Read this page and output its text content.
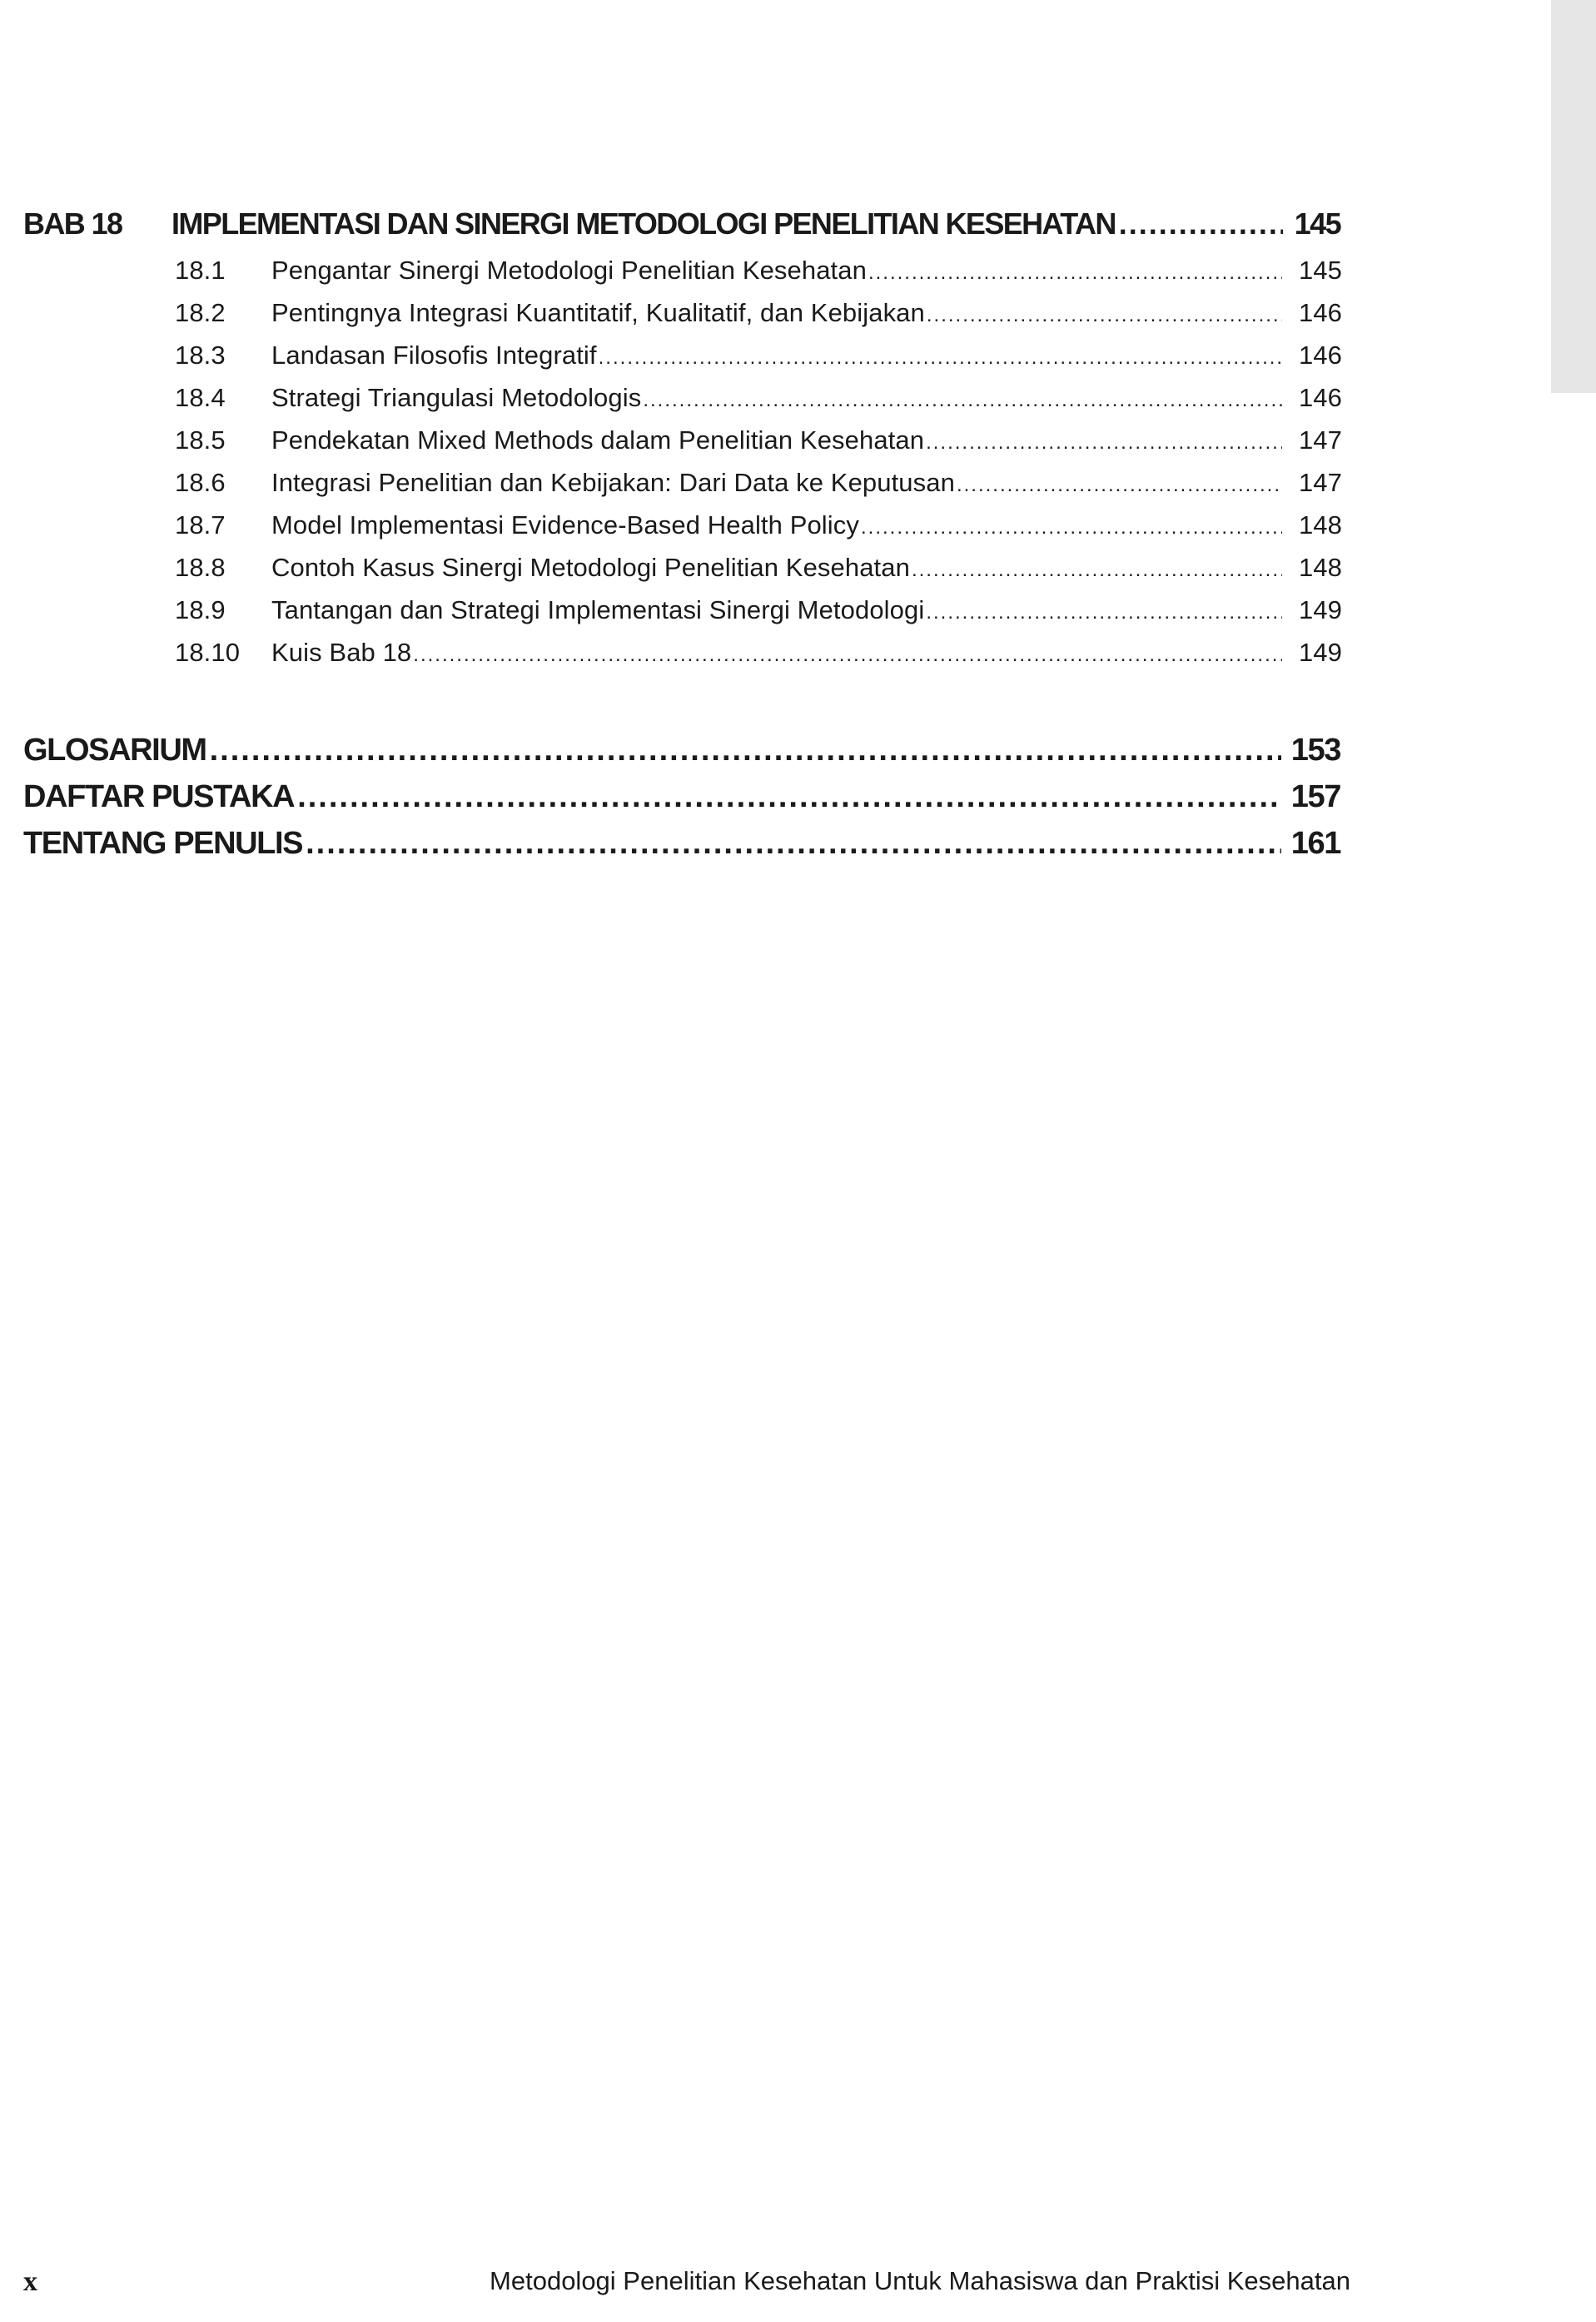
BAB 18	IMPLEMENTASI DAN SINERGI METODOLOGI PENELITIAN KESEHATAN .....	145
18.1	Pengantar Sinergi Metodologi Penelitian Kesehatan .....	145
18.2	Pentingnya Integrasi Kuantitatif, Kualitatif, dan Kebijakan .....	146
18.3	Landasan Filosofis Integratif .....	146
18.4	Strategi Triangulasi Metodologis .....	146
18.5	Pendekatan Mixed Methods dalam Penelitian Kesehatan .....	147
18.6	Integrasi Penelitian dan Kebijakan: Dari Data ke Keputusan .....	147
18.7	Model Implementasi Evidence-Based Health Policy .....	148
18.8	Contoh Kasus Sinergi Metodologi Penelitian Kesehatan .....	148
18.9	Tantangan dan Strategi Implementasi Sinergi Metodologi .....	149
18.10	Kuis Bab 18 .....	149
GLOSARIUM .....	153
DAFTAR PUSTAKA .....	157
TENTANG PENULIS .....	161
x	Metodologi Penelitian Kesehatan Untuk Mahasiswa dan Praktisi Kesehatan
